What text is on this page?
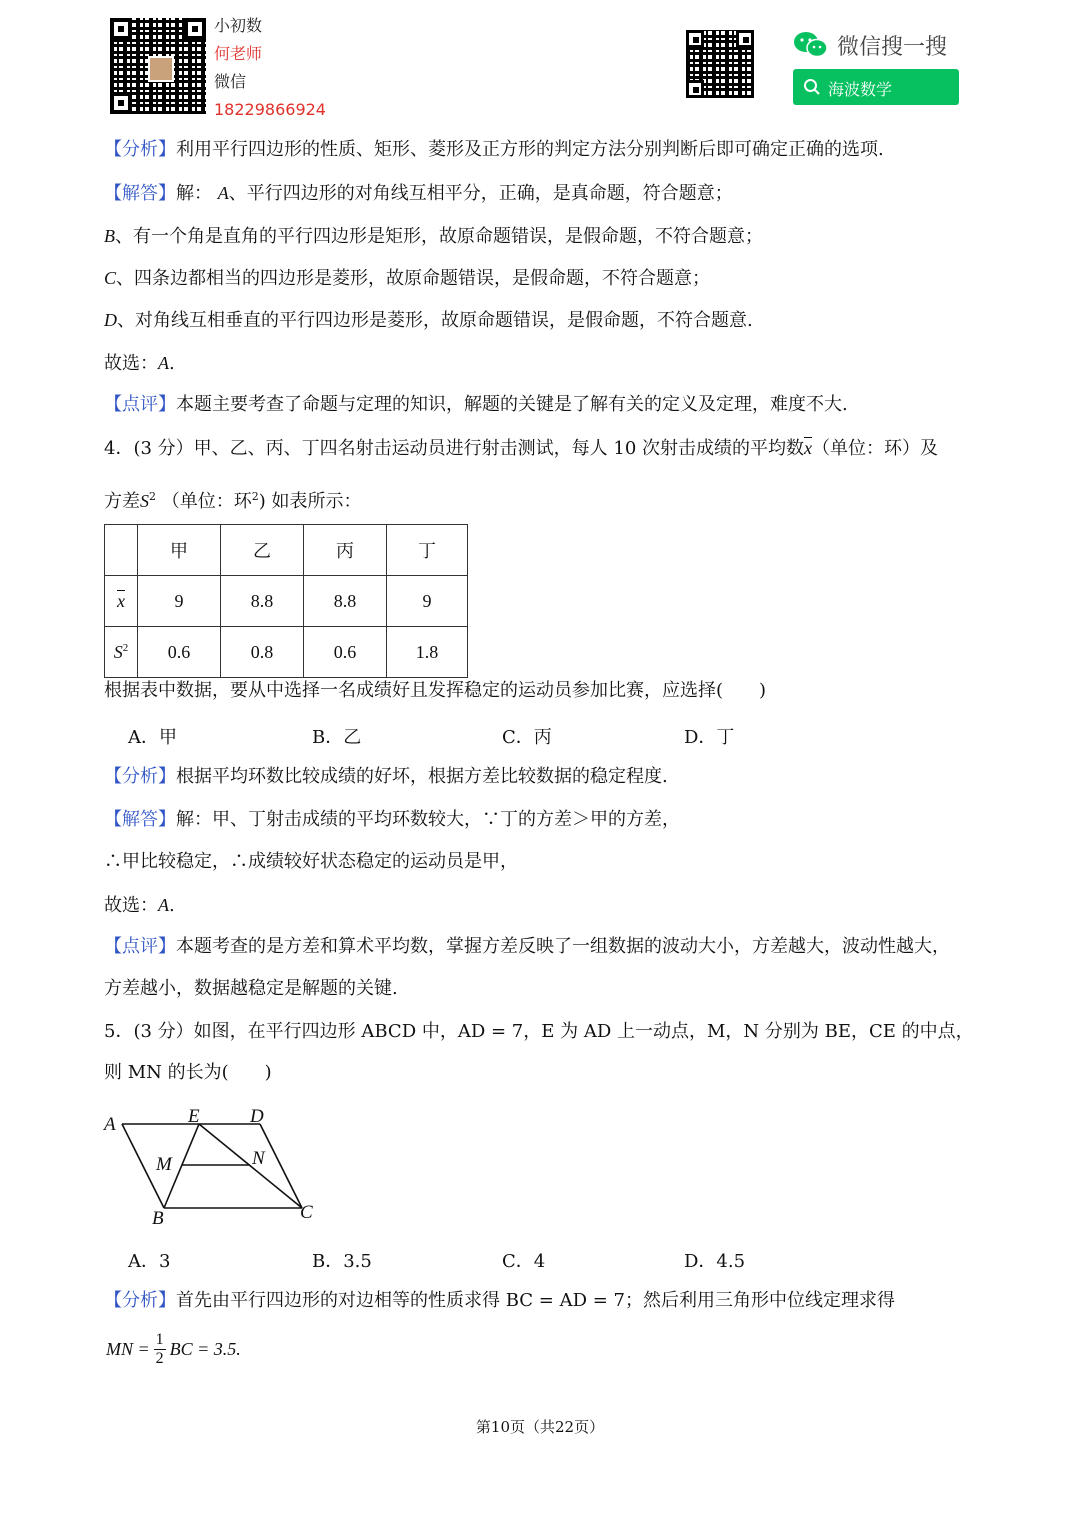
小初数
何老师
微信
18229866924
微信搜一搜
海波数学
【分析】利用平行四边形的性质、矩形、菱形及正方形的判定方法分别判断后即可确定正确的选项.
【解答】解： A、平行四边形的对角线互相平分，正确，是真命题，符合题意；
B、有一个角是直角的平行四边形是矩形，故原命题错误，是假命题，不符合题意；
C、四条边都相当的四边形是菱形，故原命题错误，是假命题，不符合题意；
D、对角线互相垂直的平行四边形是菱形，故原命题错误，是假命题，不符合题意.
故选：A.
【点评】本题主要考查了命题与定理的知识，解题的关键是了解有关的定义及定理，难度不大.
4．(3 分）甲、乙、丙、丁四名射击运动员进行射击测试，每人 10 次射击成绩的平均数$\overline{x}$（单位：环）及
方差$S^2$ （单位：环$^2$) 如表所示：
	甲	乙	丙	丁
$\overline{x}$	9	8.8	8.8	9
$S^2$	0.6	0.8	0.6	1.8
根据表中数据，要从中选择一名成绩好且发挥稳定的运动员参加比赛，应选择(　　)
A．甲	B．乙	C．丙	D．丁
【分析】根据平均环数比较成绩的好坏，根据方差比较数据的稳定程度.
【解答】解：甲、丁射击成绩的平均环数较大，∵丁的方差＞甲的方差，
∴甲比较稳定，∴成绩较好状态稳定的运动员是甲，
故选：A.
【点评】本题考查的是方差和算术平均数，掌握方差反映了一组数据的波动大小，方差越大，波动性越大，
方差越小，数据越稳定是解题的关键.
5．(3 分）如图，在平行四边形 ABCD 中，AD = 7，E 为 AD 上一动点，M，N 分别为 BE，CE 的中点，
则 MN 的长为(　　)
A	E	D
M	N
B	C
A．3	B．3.5	C．4	D．4.5
【分析】首先由平行四边形的对边相等的性质求得 BC = AD = 7；然后利用三角形中位线定理求得
MN = $\frac{1}{2}$ BC = 3.5.
第10页（共22页）
